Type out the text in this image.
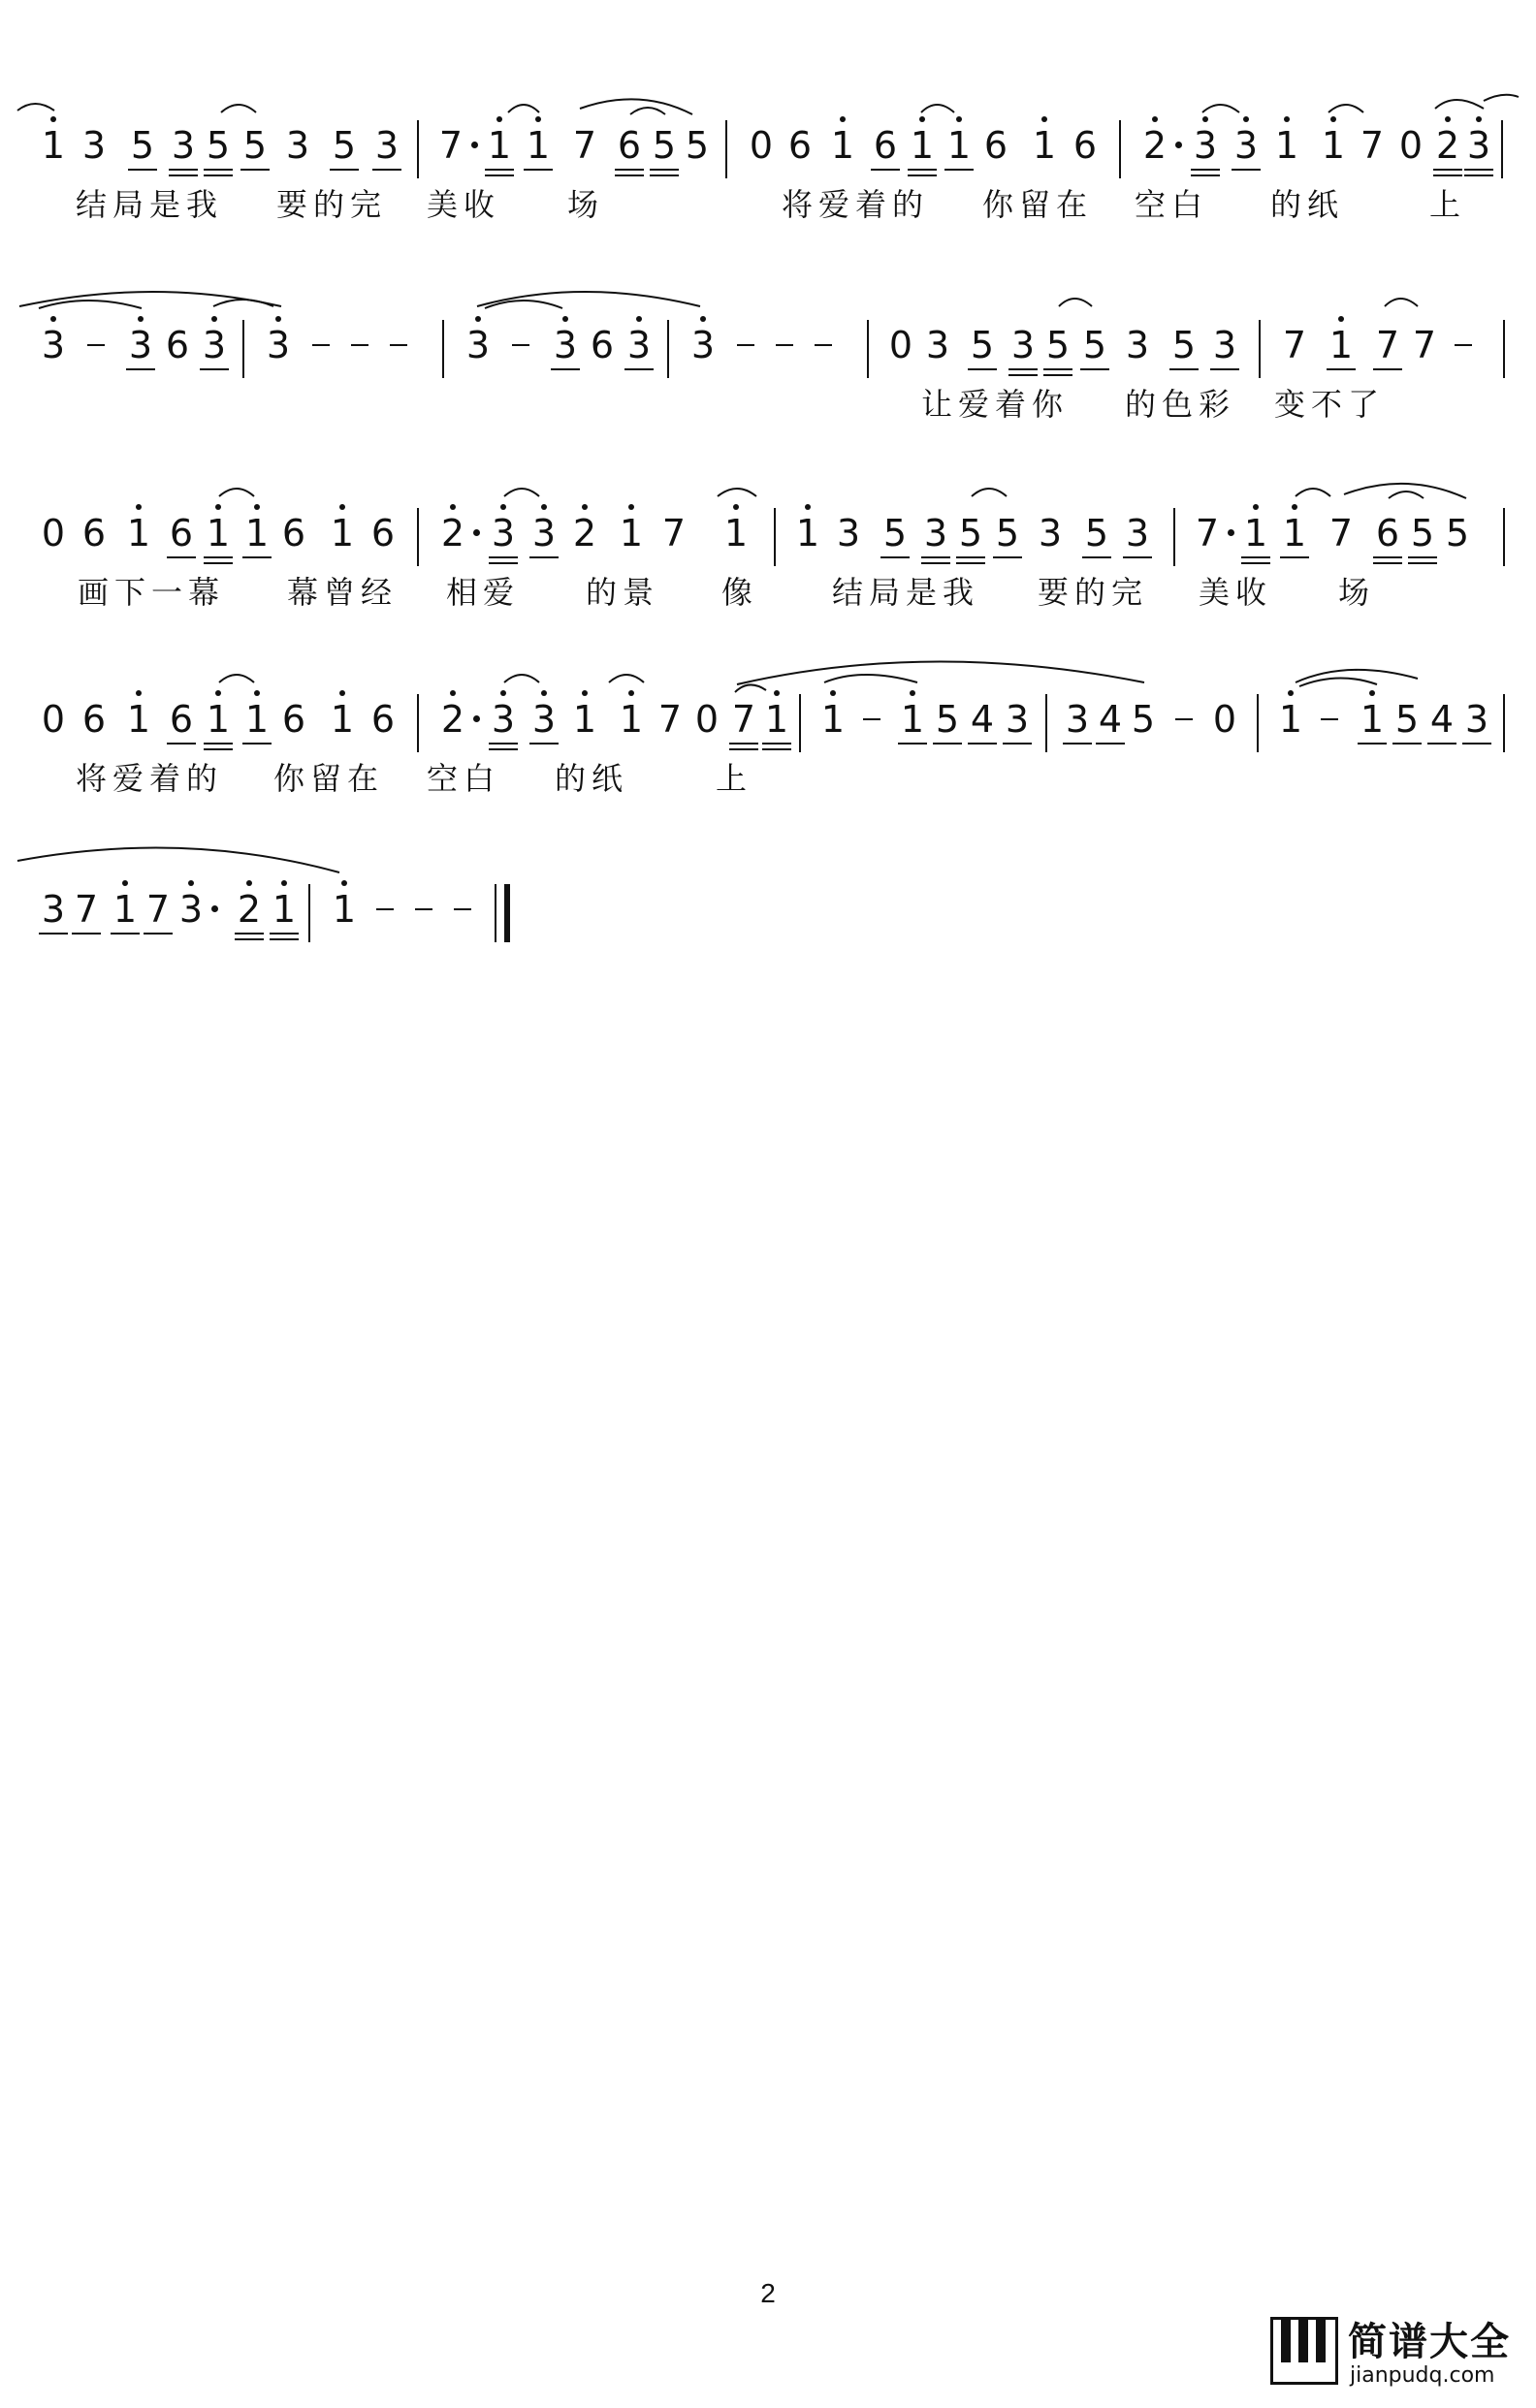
1 3 5 3 5 5 3 5 3 7 1 1 7 6 5 5 0 6 1 6 1 1 6 1 6 2 3 3 1 1 7 0 2 3
结局是我 要的完 美收 场	将爱着的 你留在 空白 的纸	上
3 3 6 3 3	3 3 6 3 3	0 3 5 3 5 5 3 5 3 7 1 7 7
让爱着你 的色彩 变不了
0 6 1 6 1 1 6 1 6 2 3 3 2 1 7 1 1 3 5 3 5 5 3 5 3 7 1 1 7 6 5 5
画下一幕 幕曾经 相爱 的景 像 结局是我 要的完 美收 场
0 6 1 6 1 1 6 1 6 2 3 3 1 1 7 0 7 1 1 1 5 4 3 3 4 5 0 1 1 5 4 3
将爱着的 你留在 空白 的纸	上
3 7 1 7 3 2 1 1
2
简谱大全
jianpudq.com
